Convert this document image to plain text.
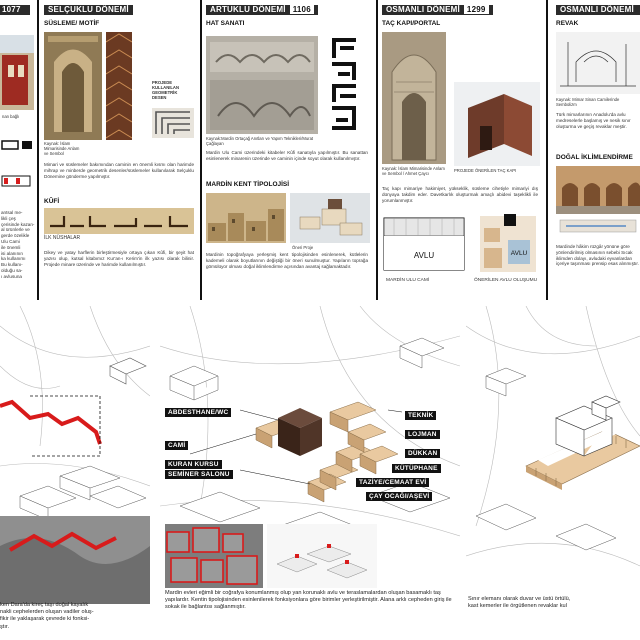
1077
nan bağlı
antsal me-
likli çeş
çerisinde kazan-
al ürünlerle ve
gerde özelikle
Ulu Cami
ile önemli
isi alanının
ka kullanımı
Bu kullanı-
olduğu sa-
ı avlusuna
SELÇUKLU DÖNEMİ
SÜSLEME/ MOTİF
Kaynak: İslam
Mimarisinde Anlam
ve Sembol
PROJEDE
KULLANILAN
GEOMETRİK
DESEN
Mimari ve süslemeler bakımından caminin en önemli kısmı olan harimde mihrap ve minberde geometrik desenler/süslemeler kullanılarak Selçuklu Dönemine gönderme yapılmıştır.
KÛFİ
İLK NÜSHALAR
Dikey ve yatay harflerin birleştirmesiyle ortaya çıkan Kûfi, bir şeyit hat yazısı olup, kutsal kitabımız Kur'an-ı Kerim'in ilk yazısı olarak bilinir. Projede minare üzerinde ve harimde kullanılmıştır.
ARTUKLU DÖNEMİ 1106
HAT SANATI
Kaynak:Mardin Ortaçağ Anıtları ve Yapım Teknikleri/Murat Çağlayan
Mardin Ulu Cami üzerindeki kitabeler Kûfi sanatıyla yapılmıştır. Bu sanattan esinlenerek minarenin üzerinde ve caminin içinde soyut olarak kullanılmıştır.
MARDİN KENT TİPOLOJİSİ
Öneri Proje
Mardinin topoğrafyaya yerleşmiş kent tipolojisinden esinlenerek, kütlelerin kademeli olarak boyutlarının değiştiği bir öneri sunulmuştur. Yapıların toprağa gömülüyor olması doğal iklimlendirme açısından avantaj sağlamaktadır.
OSMANLI DÖNEMİ 1299
TAÇ KAPI/PORTAL
Kaynak: İslam Mimarisinde Anlam ve Sembol / Ahmet Çaycı
PROJEDE ÖNERİLEN TAÇ KAPI
Taç kapı mimariye hakimiyet, yükseklik, süsleme cihetiyle mimariyi dış dünyaya takdim eder. Davetkarlık oluşturmak amaçlı abidevi taşeklikli ile yorumlanmıştır.
AVLU	AVLU
MARDİN ULU CAMİ	ÖNERİLEN AVLU OLUŞUMU
OSMANLI DÖNEMİ
REVAK
Kaynak: Mimar Sinan Camilerinde Sembolizm
Türk mimarlarının Anadolu'da avlu medreselerle başlamış ve nesik sınır oluşturma ve geçiş revaklar meştir.
DOĞAL İKLİMLENDİRME
Mardinde hâkim rüzgâr yönüne göre yönlendirilmiş olmasının sebebi Sıcak iklimden dolayı, avludaki eyvanlardan içeriye taşınması prensip esas alınmıştır.
ken Dara'da kireç taşı doğal kayalık
nakli cephelerden oluşan vadiler oluş-
fikir ile yaklaşarak çevrede ki fonksi-
ştır.
ABDESTHANE/WC
CAMİ
KURAN KURSU
SEMİNER SALONU
TEKNİK
LOJMAN
DÜKKAN
KÜTÜPHANE
TAZİYE/CEMAAT EVİ
ÇAY OCAĞI/AŞEVİ
Mardin evleri eğimli bir coğrafya konumlanmış olup yan korunaklı avlu ve teraslamalardan oluşan basamaklı taş yapılardır. Kentin tipolojisinden esinlenilerek fonksiyonlara göre birimler yerleştirilmiştir. Alana arklı cepheden giriş ile sokak ile bağlantısı sağlanmıştır.
Sınır elemanı olarak duvar ve üstü örtülü,
kast kemerler ile örgütlenen revaklar kul
